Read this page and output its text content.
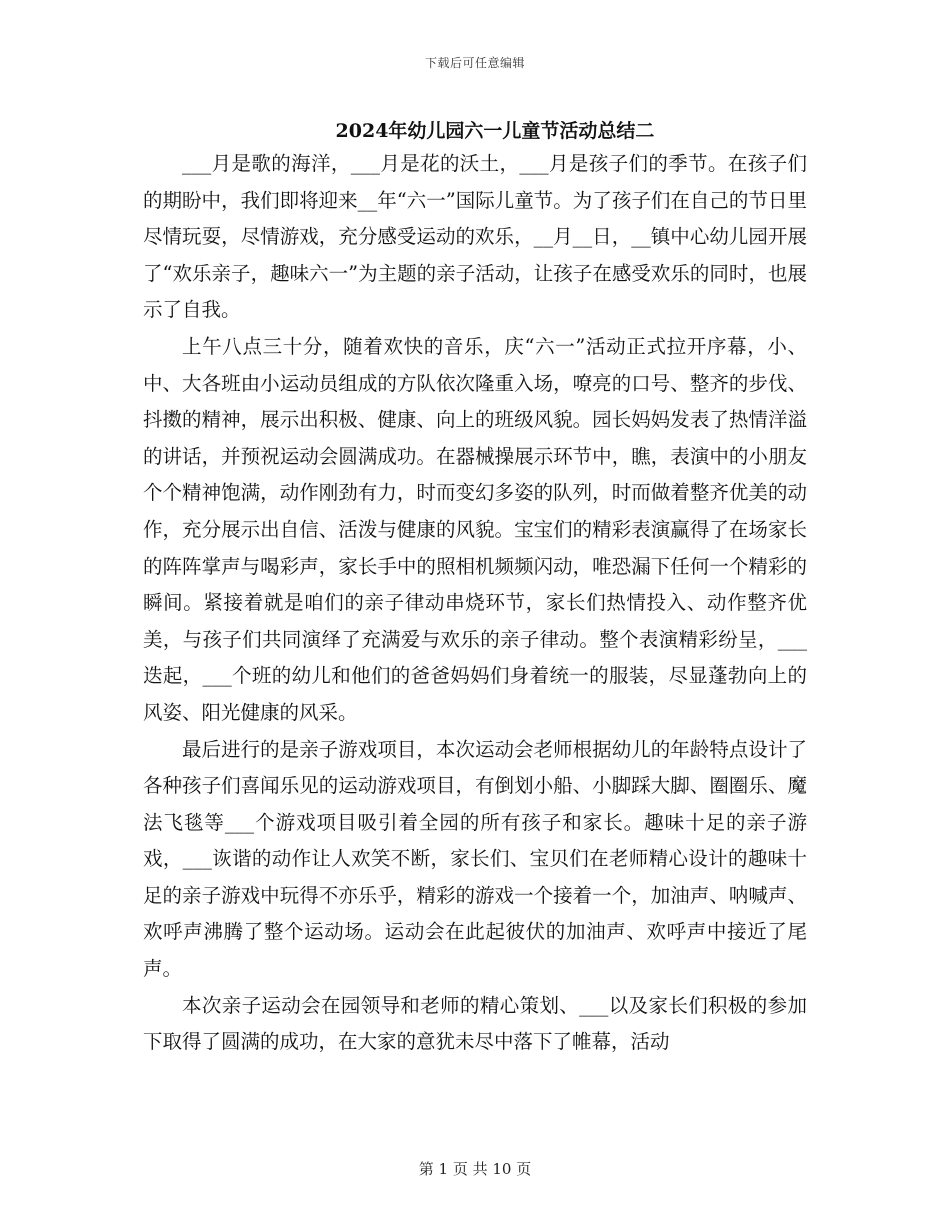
下载后可任意编辑
2024年幼儿园六一儿童节活动总结二

___月是歌的海洋，___月是花的沃土，___月是孩子们的季节。在孩子们的期盼中，我们即将迎来__年“六一”国际儿童节。为了孩子们在自己的节日里尽情玩耍，尽情游戏，充分感受运动的欢乐，__月__日，__镇中心幼儿园开展了“欢乐亲子，趣味六一”为主题的亲子活动，让孩子在感受欢乐的同时，也展示了自我。

上午八点三十分，随着欢快的音乐，庆“六一”活动正式拉开序幕，小、中、大各班由小运动员组成的方队依次隆重入场，嘹亮的口号、整齐的步伐、抖擞的精神，展示出积极、健康、向上的班级风貌。园长妈妈发表了热情洋溢的讲话，并预祝运动会圆满成功。在器械操展示环节中，瞧，表演中的小朋友个个精神饱满，动作刚劲有力，时而变幻多姿的队列，时而做着整齐优美的动作，充分展示出自信、活泼与健康的风貌。宝宝们的精彩表演赢得了在场家长的阵阵掌声与喝彩声，家长手中的照相机频频闪动，唯恐漏下任何一个精彩的瞬间。紧接着就是咱们的亲子律动串烧环节，家长们热情投入、动作整齐优美，与孩子们共同演绎了充满爱与欢乐的亲子律动。整个表演精彩纷呈，___迭起，___个班的幼儿和他们的爸爸妈妈们身着统一的服装，尽显蓬勃向上的风姿、阳光健康的风采。

最后进行的是亲子游戏项目，本次运动会老师根据幼儿的年龄特点设计了各种孩子们喜闻乐见的运动游戏项目，有倒划小船、小脚踩大脚、圈圈乐、魔法飞毯等___个游戏项目吸引着全园的所有孩子和家长。趣味十足的亲子游戏，___诙谐的动作让人欢笑不断，家长们、宝贝们在老师精心设计的趣味十足的亲子游戏中玩得不亦乐乎，精彩的游戏一个接着一个，加油声、呐喊声、欢呼声沸腾了整个运动场。运动会在此起彼伏的加油声、欢呼声中接近了尾声。

本次亲子运动会在园领导和老师的精心策划、___以及家长们积极的参加下取得了圆满的成功，在大家的意犹未尽中落下了帷幕，活动

第 1 页 共 10 页
